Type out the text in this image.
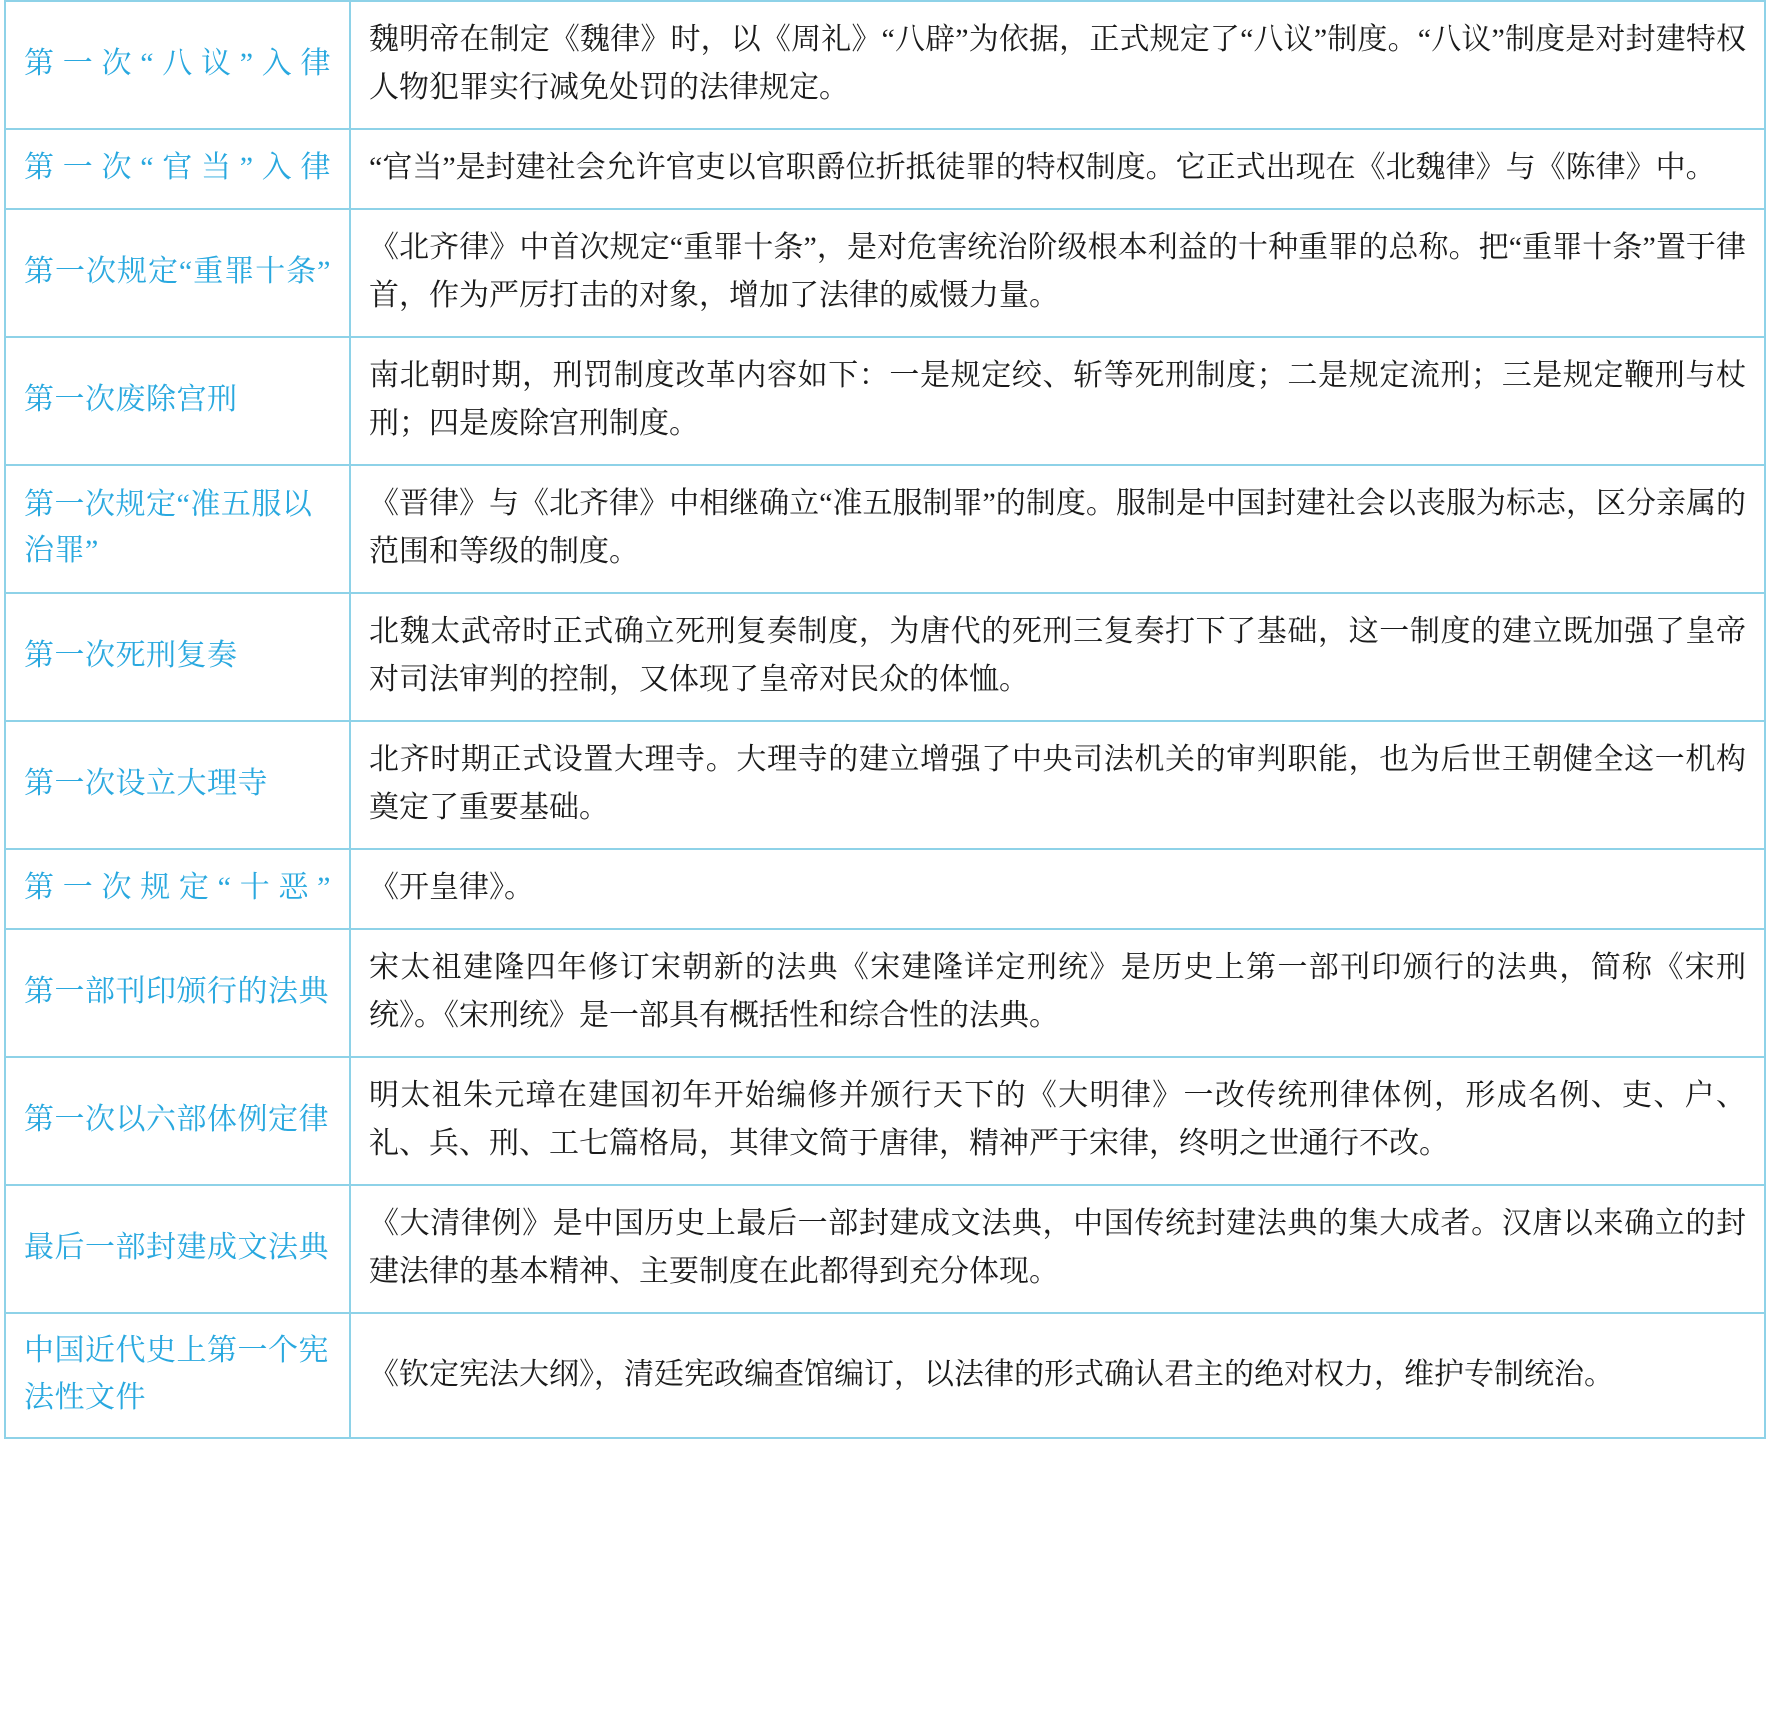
第一次“八议”入律	魏明帝在制定《魏律》时，以《周礼》“八辟”为依据，正式规定了“八议”制度。“八议”制度是对封建特权人物犯罪实行减免处罚的法律规定。
第一次“官当”入律	“官当”是封建社会允许官吏以官职爵位折抵徒罪的特权制度。它正式出现在《北魏律》与《陈律》中。
第一次规定“重罪十条”	《北齐律》中首次规定“重罪十条”，是对危害统治阶级根本利益的十种重罪的总称。把“重罪十条”置于律首，作为严厉打击的对象，增加了法律的威慑力量。
第一次废除宫刑	南北朝时期，刑罚制度改革内容如下：一是规定绞、斩等死刑制度；二是规定流刑；三是规定鞭刑与杖刑；四是废除宫刑制度。
第一次规定“准五服以治罪”	《晋律》与《北齐律》中相继确立“准五服制罪”的制度。服制是中国封建社会以丧服为标志，区分亲属的范围和等级的制度。
第一次死刑复奏	北魏太武帝时正式确立死刑复奏制度，为唐代的死刑三复奏打下了基础，这一制度的建立既加强了皇帝对司法审判的控制，又体现了皇帝对民众的体恤。
第一次设立大理寺	北齐时期正式设置大理寺。大理寺的建立增强了中央司法机关的审判职能，也为后世王朝健全这一机构奠定了重要基础。
第一次规定“十恶”	《开皇律》。
第一部刊印颁行的法典	宋太祖建隆四年修订宋朝新的法典《宋建隆详定刑统》是历史上第一部刊印颁行的法典，简称《宋刑统》。《宋刑统》是一部具有概括性和综合性的法典。
第一次以六部体例定律	明太祖朱元璋在建国初年开始编修并颁行天下的《大明律》一改传统刑律体例，形成名例、吏、户、礼、兵、刑、工七篇格局，其律文简于唐律，精神严于宋律，终明之世通行不改。
最后一部封建成文法典	《大清律例》是中国历史上最后一部封建成文法典，中国传统封建法典的集大成者。汉唐以来确立的封建法律的基本精神、主要制度在此都得到充分体现。
中国近代史上第一个宪法性文件	《钦定宪法大纲》，清廷宪政编查馆编订，以法律的形式确认君主的绝对权力，维护专制统治。
